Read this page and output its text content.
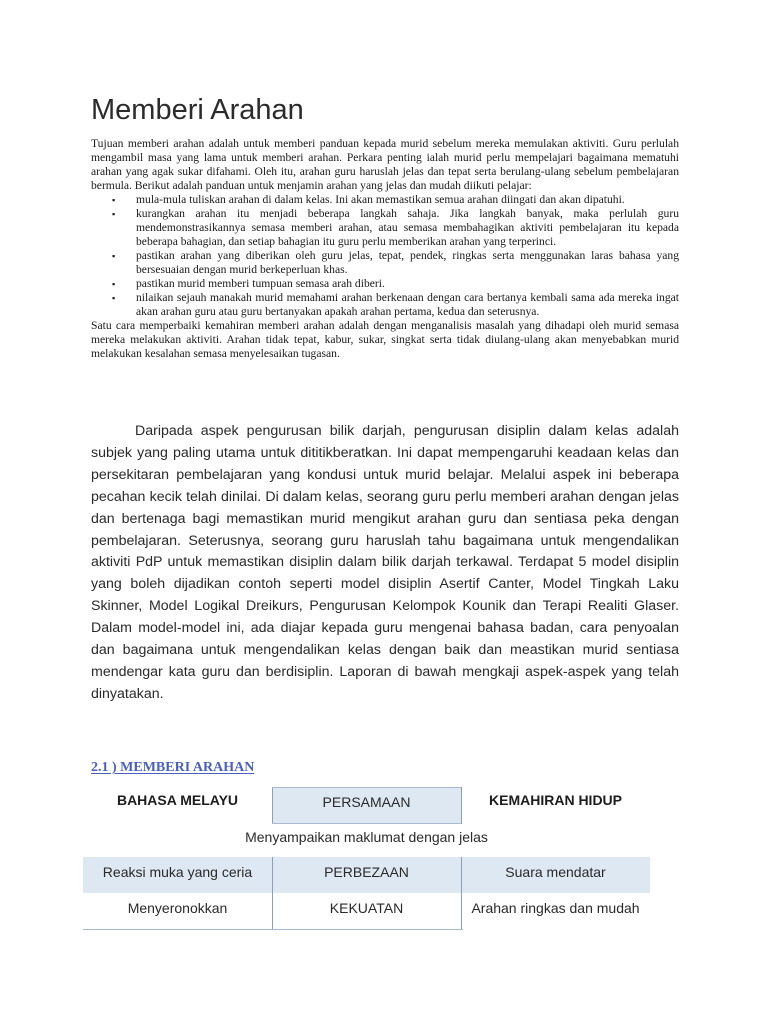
Memberi Arahan

Tujuan memberi arahan adalah untuk memberi panduan kepada murid sebelum mereka memulakan aktiviti. Guru perlulah mengambil masa yang lama untuk memberi arahan. Perkara penting ialah murid perlu mempelajari bagaimana mematuhi arahan yang agak sukar difahami. Oleh itu, arahan guru haruslah jelas dan tepat serta berulang-ulang sebelum pembelajaran bermula. Berikut adalah panduan untuk menjamin arahan yang jelas dan mudah diikuti pelajar:

▪ mula-mula tuliskan arahan di dalam kelas. Ini akan memastikan semua arahan diingati dan akan dipatuhi.
▪ kurangkan arahan itu menjadi beberapa langkah sahaja. Jika langkah banyak, maka perlulah guru mendemonstrasikannya semasa memberi arahan, atau semasa membahagikan aktiviti pembelajaran itu kepada beberapa bahagian, dan setiap bahagian itu guru perlu memberikan arahan yang terperinci.
▪ pastikan arahan yang diberikan oleh guru jelas, tepat, pendek, ringkas serta menggunakan laras bahasa yang bersesuaian dengan murid berkeperluan khas.
▪ pastikan murid memberi tumpuan semasa arah diberi.
▪ nilaikan sejauh manakah murid memahami arahan berkenaan dengan cara bertanya kembali sama ada mereka ingat akan arahan guru atau guru bertanyakan apakah arahan pertama, kedua dan seterusnya.

Satu cara memperbaiki kemahiran memberi arahan adalah dengan menganalisis masalah yang dihadapi oleh murid semasa mereka melakukan aktiviti. Arahan tidak tepat, kabur, sukar, singkat serta tidak diulang-ulang akan menyebabkan murid melakukan kesalahan semasa menyelesaikan tugasan.

Daripada aspek pengurusan bilik darjah, pengurusan disiplin dalam kelas adalah subjek yang paling utama untuk dititikberatkan. Ini dapat mempengaruhi keadaan kelas dan persekitaran pembelajaran yang kondusi untuk murid belajar. Melalui aspek ini beberapa pecahan kecik telah dinilai. Di dalam kelas, seorang guru perlu memberi arahan dengan jelas dan bertenaga bagi memastikan murid mengikut arahan guru dan sentiasa peka dengan pembelajaran. Seterusnya, seorang guru haruslah tahu bagaimana untuk mengendalikan aktiviti PdP untuk memastikan disiplin dalam bilik darjah terkawal. Terdapat 5 model disiplin yang boleh dijadikan contoh seperti model disiplin Asertif Canter, Model Tingkah Laku Skinner, Model Logikal Dreikurs, Pengurusan Kelompok Kounik dan Terapi Realiti Glaser. Dalam model-model ini, ada diajar kepada guru mengenai bahasa badan, cara penyoalan dan bagaimana untuk mengendalikan kelas dengan baik dan meastikan murid sentiasa mendengar kata guru dan berdisiplin. Laporan di bawah mengkaji aspek-aspek yang telah dinyatakan.

2.1 ) MEMBERI ARAHAN
BAHASA MELAYU	PERSAMAAN	KEMAHIRAN HIDUP
Menyampaikan maklumat dengan jelas
Reaksi muka yang ceria	PERBEZAAN	Suara mendatar
Menyeronokkan	KEKUATAN	Arahan ringkas dan mudah
